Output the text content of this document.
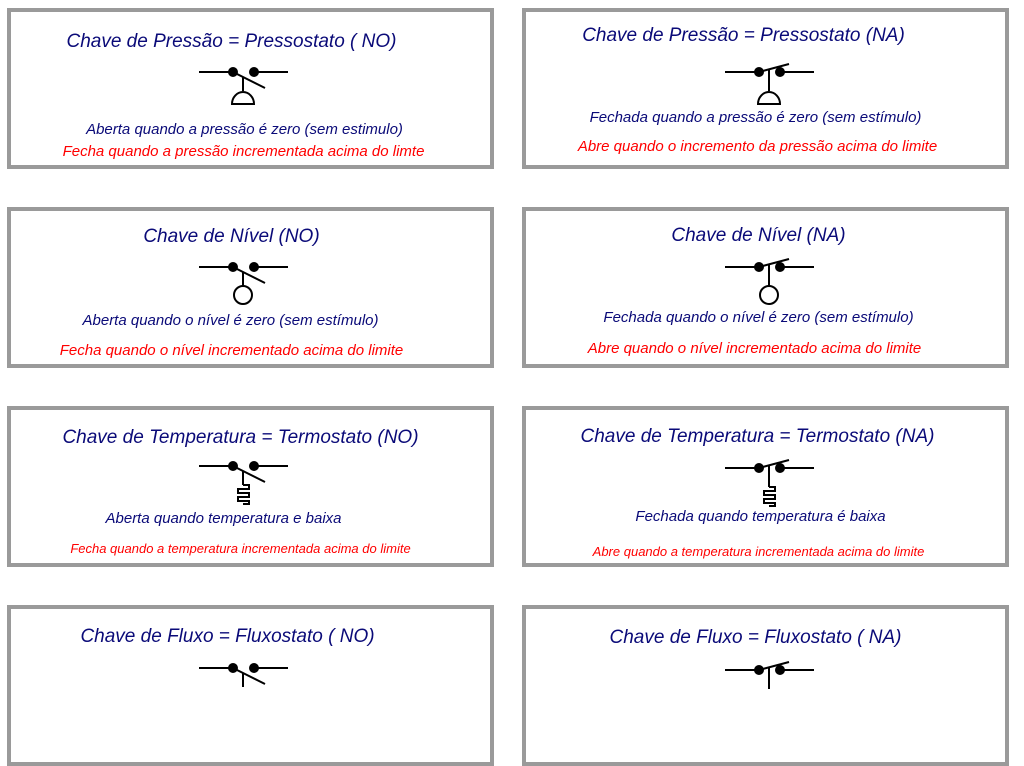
Chave de Pressão = Pressostato ( NO)
Aberta quando a pressão é zero (sem estimulo)
Fecha quando a pressão incrementada acima do limte
Chave de Pressão = Pressostato (NA)
Fechada quando a pressão é zero (sem estímulo)
Abre quando o incremento da pressão acima do limite
Chave de Nível (NO)
Aberta quando o nível é zero (sem estímulo)
Fecha quando o nível incrementado acima do limite
Chave de Nível (NA)
Fechada quando o nível é zero (sem estímulo)
Abre quando o nível incrementado acima do limite
Chave de Temperatura = Termostato (NO)
Aberta quando temperatura e baixa
Fecha quando a temperatura incrementada acima do limite
Chave de Temperatura = Termostato (NA)
Fechada quando temperatura é baixa
Abre quando a temperatura incrementada acima do limite
Chave de Fluxo = Fluxostato ( NO)	Chave de Fluxo = Fluxostato ( NA)
